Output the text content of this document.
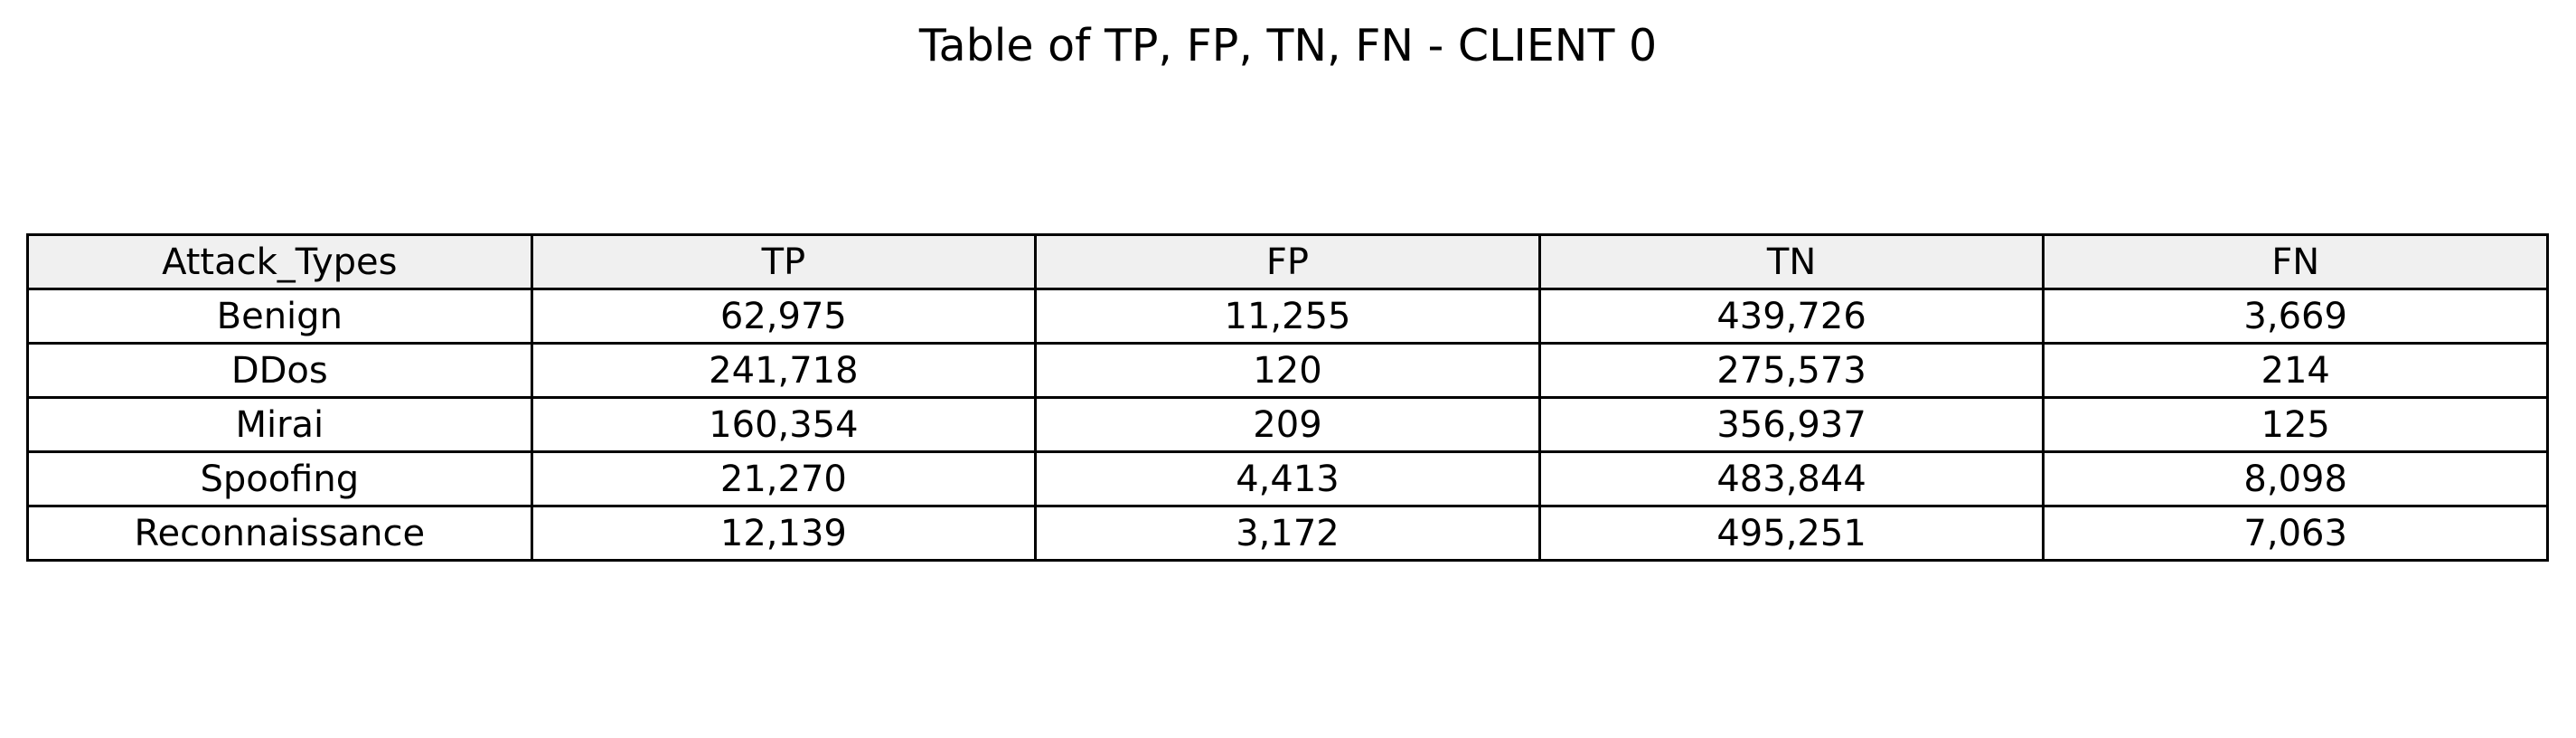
Table of TP, FP, TN, FN - CLIENT 0
Attack_Types	TP	FP	TN	FN
Benign	62,975	11,255	439,726	3,669
DDos	241,718	120	275,573	214
Mirai	160,354	209	356,937	125
Spoofing	21,270	4,413	483,844	8,098
Reconnaissance	12,139	3,172	495,251	7,063
